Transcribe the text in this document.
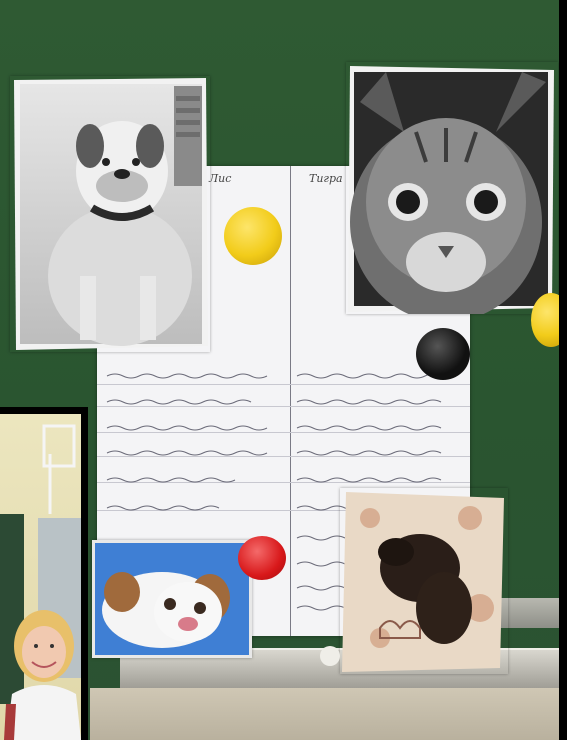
Лис	Тигра
